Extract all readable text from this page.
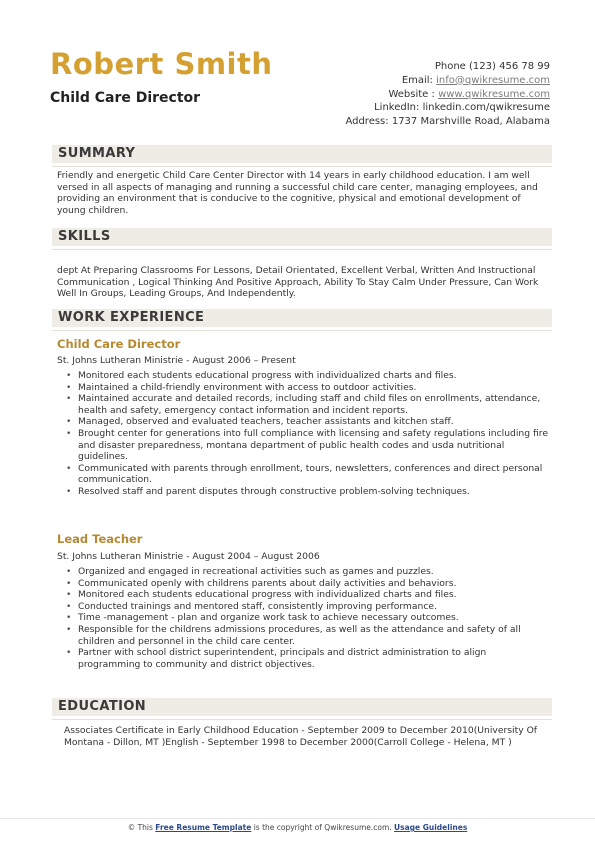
Robert Smith
Child Care Director
Phone (123) 456 78 99
Email: info@qwikresume.com
Website : www.qwikresume.com
LinkedIn: linkedin.com/qwikresume
Address: 1737 Marshville Road, Alabama
SUMMARY
Friendly and energetic Child Care Center Director with 14 years in early childhood education. I am well versed in all aspects of managing and running a successful child care center, managing employees, and providing an environment that is conducive to the cognitive, physical and emotional development of young children.
SKILLS
dept At Preparing Classrooms For Lessons, Detail Orientated, Excellent Verbal, Written And Instructional Communication , Logical Thinking And Positive Approach, Ability To Stay Calm Under Pressure, Can Work Well In Groups, Leading Groups, And Independently.
WORK EXPERIENCE
Child Care Director
St. Johns Lutheran Ministrie - August 2006 – Present
• Monitored each students educational progress with individualized charts and files.
• Maintained a child-friendly environment with access to outdoor activities.
• Maintained accurate and detailed records, including staff and child files on enrollments, attendance, health and safety, emergency contact information and incident reports.
• Managed, observed and evaluated teachers, teacher assistants and kitchen staff.
• Brought center for generations into full compliance with licensing and safety regulations including fire and disaster preparedness, montana department of public health codes and usda nutritional guidelines.
• Communicated with parents through enrollment, tours, newsletters, conferences and direct personal communication.
• Resolved staff and parent disputes through constructive problem-solving techniques.
Lead Teacher
St. Johns Lutheran Ministrie - August 2004 – August 2006
• Organized and engaged in recreational activities such as games and puzzles.
• Communicated openly with childrens parents about daily activities and behaviors.
• Monitored each students educational progress with individualized charts and files.
• Conducted trainings and mentored staff, consistently improving performance.
• Time -management - plan and organize work task to achieve necessary outcomes.
• Responsible for the childrens admissions procedures, as well as the attendance and safety of all children and personnel in the child care center.
• Partner with school district superintendent, principals and district administration to align programming to community and district objectives.
EDUCATION
Associates Certificate in Early Childhood Education - September 2009 to December 2010(University Of Montana - Dillon, MT )English - September 1998 to December 2000(Carroll College - Helena, MT )
© This Free Resume Template is the copyright of Qwikresume.com. Usage Guidelines
